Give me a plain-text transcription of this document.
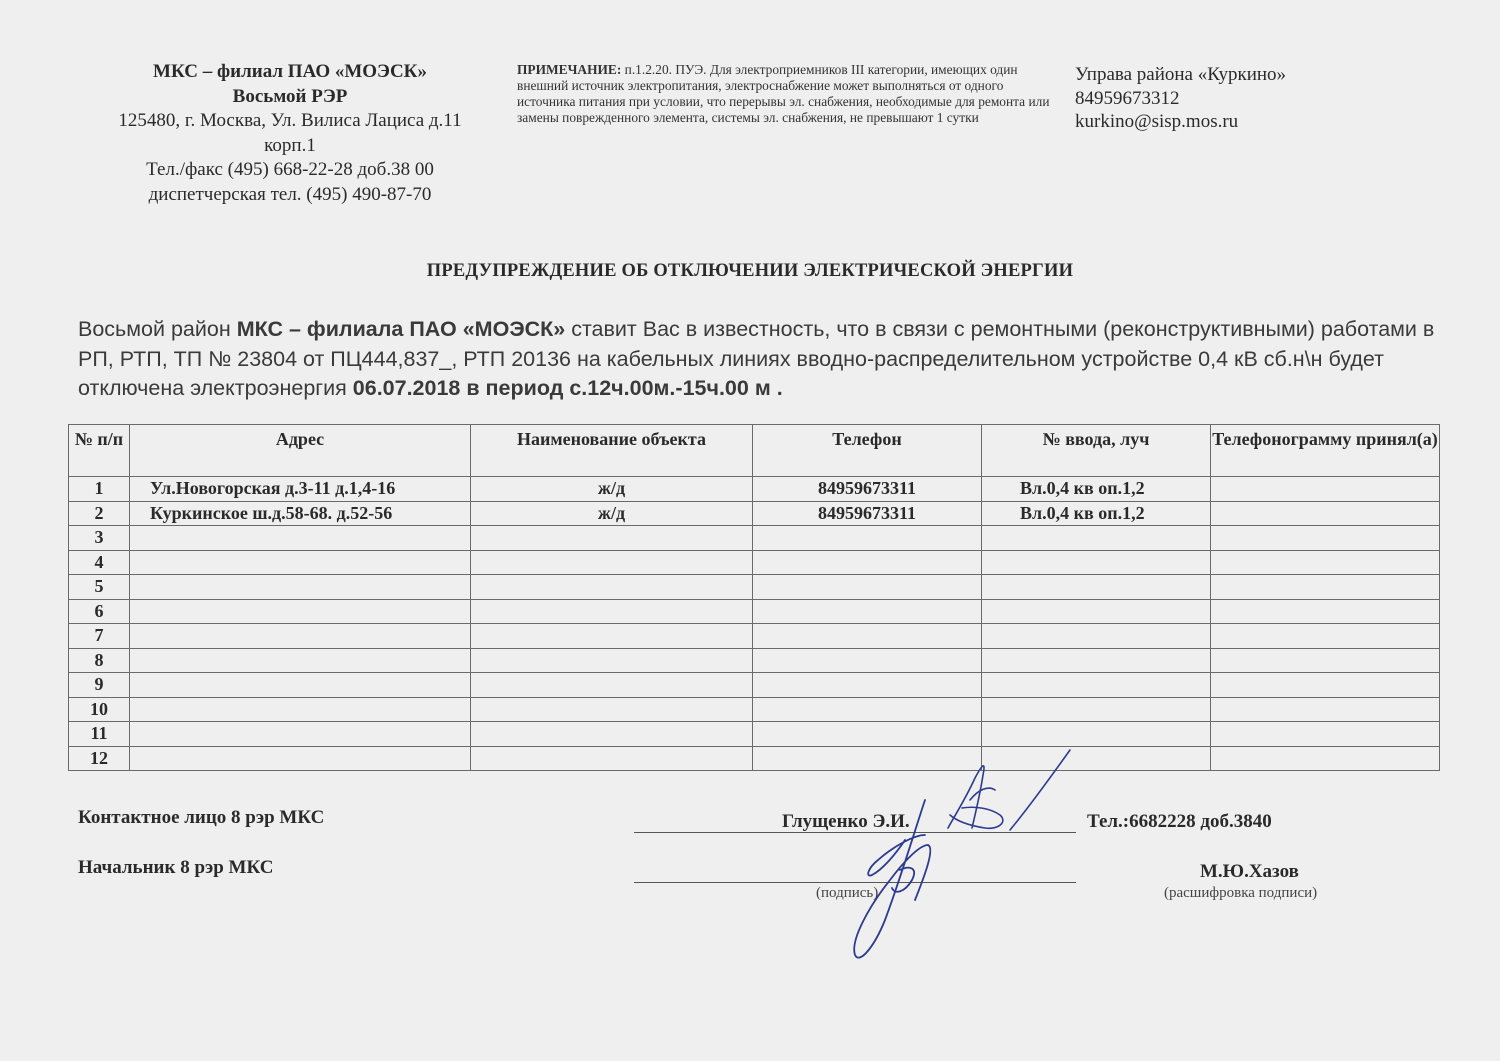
МКС – филиал ПАО «МОЭСК»
Восьмой РЭР
125480, г. Москва, Ул. Вилиса Лациса д.11
корп.1
Тел./факс (495) 668-22-28 доб.38 00
диспетчерская тел. (495) 490-87-70
ПРИМЕЧАНИЕ: п.1.2.20. ПУЭ. Для электроприемников III категории, имеющих один внешний источник электропитания, электроснабжение может выполняться от одного источника питания при условии, что перерывы эл. снабжения, необходимые для ремонта или замены поврежденного элемента, системы эл. снабжения, не превышают 1 сутки
Управа района «Куркино»
84959673312
kurkino@sisp.mos.ru
ПРЕДУПРЕЖДЕНИЕ ОБ ОТКЛЮЧЕНИИ ЭЛЕКТРИЧЕСКОЙ ЭНЕРГИИ
Восьмой район МКС – филиала ПАО «МОЭСК» ставит Вас в известность, что в связи с ремонтными (реконструктивными) работами в РП, РТП, ТП № 23804 от ПЦ444,837_, РТП 20136 на кабельных линиях вводно-распределительном устройстве 0,4 кВ сб.н\н будет отключена электроэнергия 06.07.2018 в период с.12ч.00м.-15ч.00 м .
№ п/п	Адрес	Наименование объекта	Телефон	№ ввода, луч	Телефонограмму принял(а)
1	Ул.Новогорская д.3-11 д.1,4-16	ж/д	84959673311	Вл.0,4 кв оп.1,2	
2	Куркинское ш.д.58-68. д.52-56	ж/д	84959673311	Вл.0,4 кв оп.1,2	
3					
4					
5					
6					
7					
8					
9					
10					
11					
12					
Контактное лицо 8 рэр МКС	Глущенко Э.И.	Тел.:6682228 доб.3840
Начальник 8 рэр МКС	М.Ю.Хазов
(подпись)	(расшифровка подписи)
